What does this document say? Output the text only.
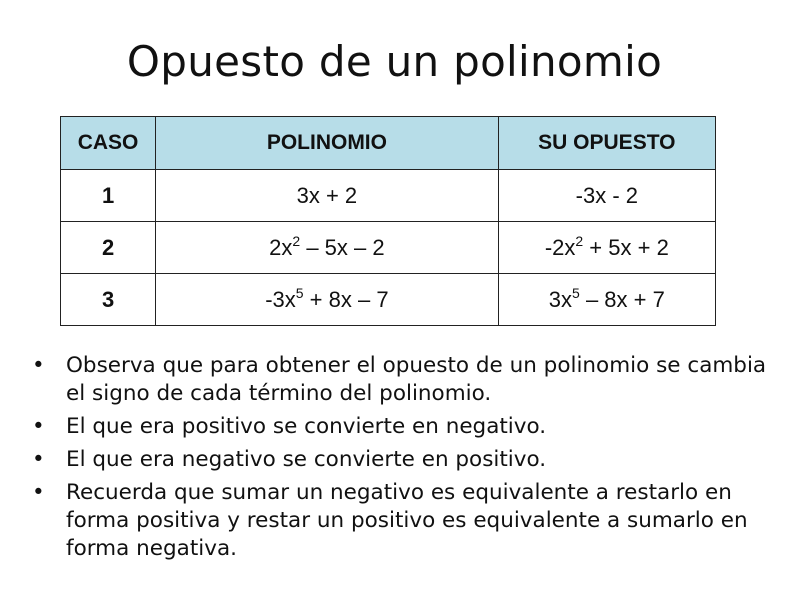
Opuesto de un polinomio
CASO	POLINOMIO	SU OPUESTO
1	3x + 2	-3x - 2
2	$2x^2 - 5x - 2$	$-2x^2 + 5x + 2$
3	$-3x^5 + 8x - 7$	$3x^5 - 8x + 7$
• Observa que para obtener el opuesto de un polinomio se cambia el signo de cada término del polinomio.
• El que era positivo se convierte en negativo.
• El que era negativo se convierte en positivo.
• Recuerda que sumar un negativo es equivalente a restarlo en forma positiva y restar un positivo es equivalente a sumarlo en forma negativa.
